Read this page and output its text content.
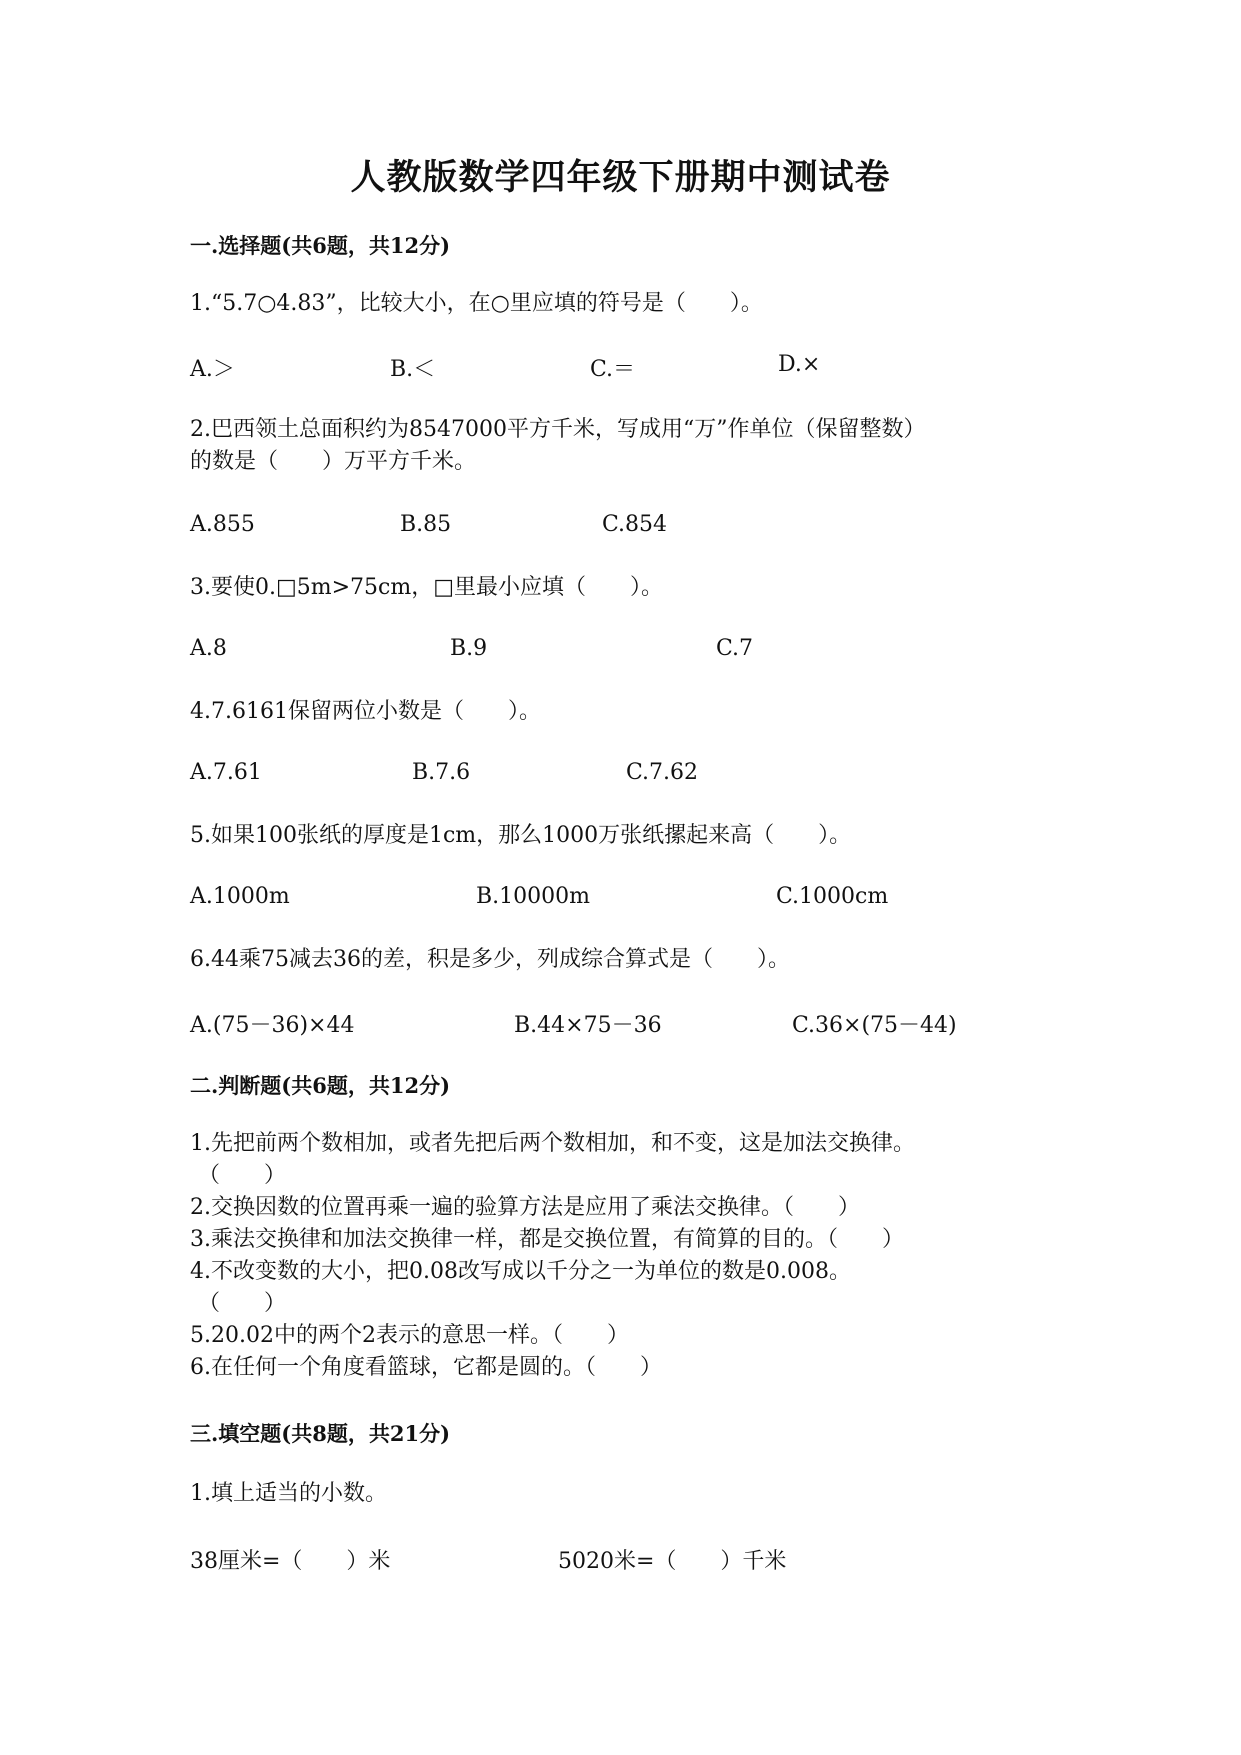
人教版数学四年级下册期中测试卷
一.选择题(共6题，共12分)
1.“5.7○4.83”，比较大小，在○里应填的符号是（　　）。
A.＞	B.＜	C.＝	D.×
2.巴西领土总面积约为8547000平方千米，写成用“万”作单位（保留整数）
的数是（　　）万平方千米。
A.855	B.85	C.854
3.要使0.□5m>75cm，□里最小应填（　　）。
A.8	B.9	C.7
4.7.6161保留两位小数是（　　）。
A.7.61	B.7.6	C.7.62
5.如果100张纸的厚度是1cm，那么1000万张纸摞起来高（　　）。
A.1000m	B.10000m	C.1000cm
6.44乘75减去36的差，积是多少，列成综合算式是（　　）。
A.(75－36)×44	B.44×75－36	C.36×(75－44)
二.判断题(共6题，共12分)
1.先把前两个数相加，或者先把后两个数相加，和不变，这是加法交换律。
（　　）
2.交换因数的位置再乘一遍的验算方法是应用了乘法交换律。（　　）
3.乘法交换律和加法交换律一样，都是交换位置，有简算的目的。（　　）
4.不改变数的大小，把0.08改写成以千分之一为单位的数是0.008。
（　　）
5.20.02中的两个2表示的意思一样。（　　）
6.在任何一个角度看篮球，它都是圆的。（　　）
三.填空题(共8题，共21分)
1.填上适当的小数。
38厘米=（　　）米	5020米=（　　）千米
